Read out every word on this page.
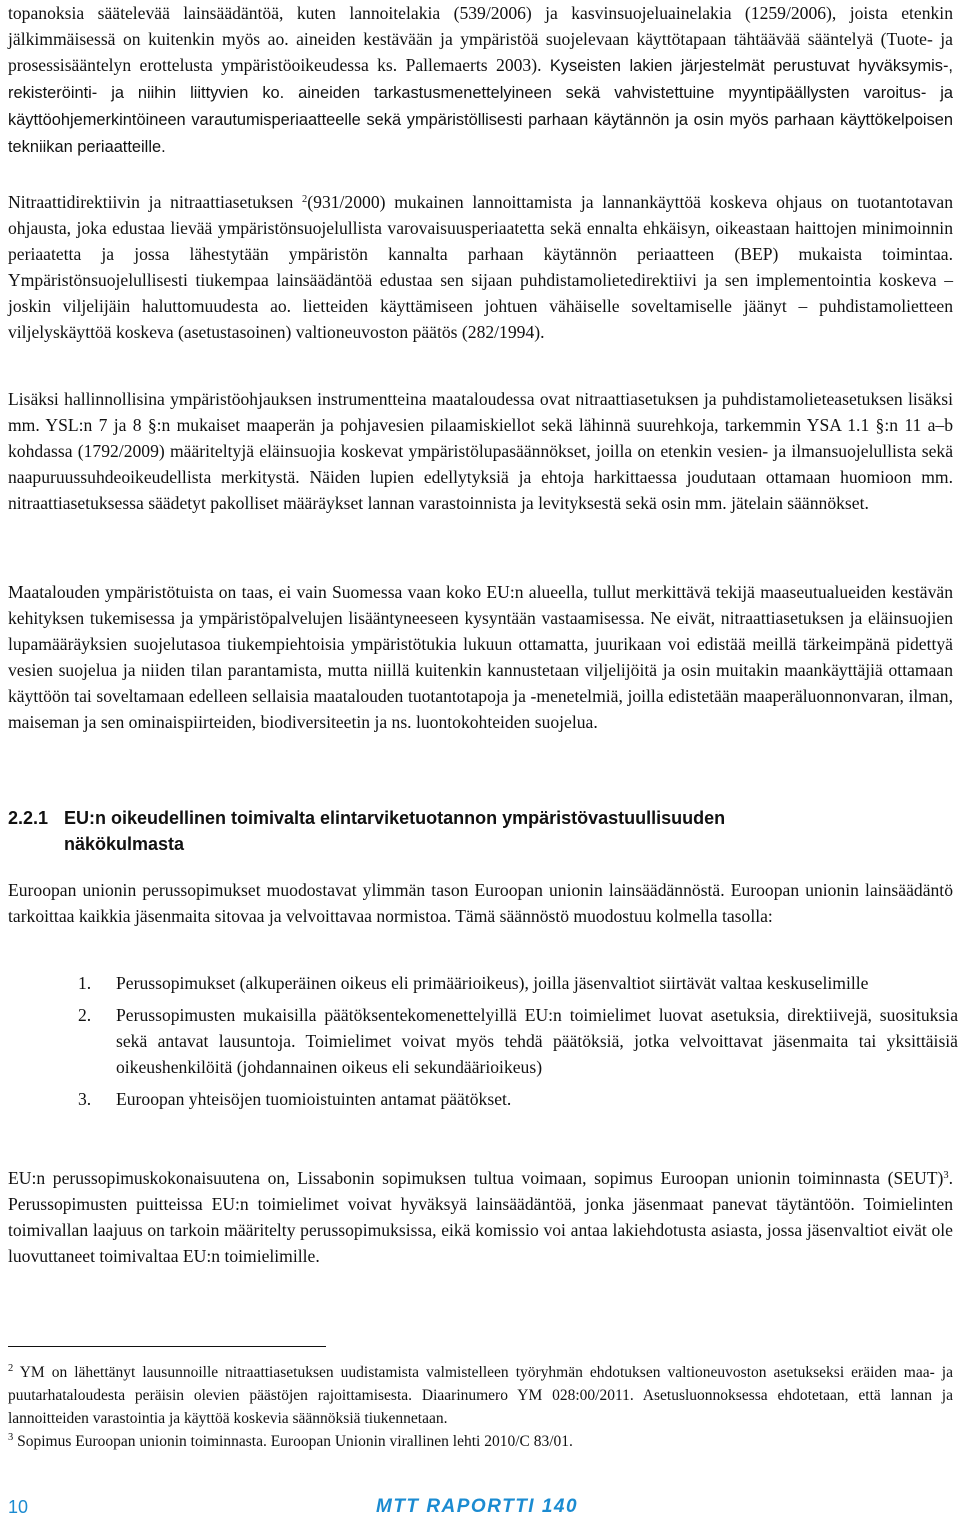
topanoksia säätelevää lainsäädäntöä, kuten lannoitelakia (539/2006) ja kasvinsuojeluainelakia (1259/2006), joista etenkin jälkimmäisessä on kuitenkin myös ao. aineiden kestävään ja ympäristöä suojelevaan käyttötapaan tähtäävää sääntelyä (Tuote- ja prosessisääntelyn erottelusta ympäristöoikeudessa ks. Pallemaerts 2003). Kyseisten lakien järjestelmät perustuvat hyväksymis-, rekisteröinti- ja niihin liittyvien ko. aineiden tarkastusmenettelyineen sekä vahvistettuine myyntipäällysten varoitus- ja käyttöohjemerkintöineen varautumisperiaatteelle sekä ympäristöllisesti parhaan käytännön ja osin myös parhaan käyttökelpoisen tekniikan periaatteille.

Nitraattidirektiivin ja nitraattiasetuksen $^2$(931/2000) mukainen lannoittamista ja lannankäyttöä koskeva ohjaus on tuotantotavan ohjausta, joka edustaa lievää ympäristönsuojelullista varovaisuusperiaatetta sekä ennalta ehkäisyn, oikeastaan haittojen minimoinnin periaatetta ja jossa lähestytään ympäristön kannalta parhaan käytännön periaatteen (BEP) mukaista toimintaa. Ympäristönsuojelullisesti tiukempaa lainsäädäntöä edustaa sen sijaan puhdistamolietedirektiivi ja sen implementointia koskeva – joskin viljelijäin haluttomuudesta ao. lietteiden käyttämiseen johtuen vähäiselle soveltamiselle jäänyt – puhdistamolietteen viljelyskäyttöä koskeva (asetustasoinen) valtioneuvoston päätös (282/1994).

Lisäksi hallinnollisina ympäristöohjauksen instrumentteina maataloudessa ovat nitraattiasetuksen ja puhdistamolieteasetuksen lisäksi mm. YSL:n 7 ja 8 §:n mukaiset maaperän ja pohjavesien pilaamiskiellot sekä lähinnä suurehkoja, tarkemmin YSA 1.1 §:n 11 a–b kohdassa (1792/2009) määriteltyjä eläinsuojia koskevat ympäristölupasäännökset, joilla on etenkin vesien- ja ilmansuojelullista sekä naapuruussuhdeoikeudellista merkitystä. Näiden lupien edellytyksiä ja ehtoja harkittaessa joudutaan ottamaan huomioon mm. nitraattiasetuksessa säädetyt pakolliset määräykset lannan varastoinnista ja levityksestä sekä osin mm. jätelain säännökset.

Maatalouden ympäristötuista on taas, ei vain Suomessa vaan koko EU:n alueella, tullut merkittävä tekijä maaseutualueiden kestävän kehityksen tukemisessa ja ympäristöpalvelujen lisääntyneeseen kysyntään vastaamisessa. Ne eivät, nitraattiasetuksen ja eläinsuojien lupamääräyksien suojelutasoa tiukempiehtoisia ympäristötukia lukuun ottamatta, juurikaan voi edistää meillä tärkeimpänä pidettyä vesien suojelua ja niiden tilan parantamista, mutta niillä kuitenkin kannustetaan viljelijöitä ja osin muitakin maankäyttäjiä ottamaan käyttöön tai soveltamaan edelleen sellaisia maatalouden tuotantotapoja ja -menetelmiä, joilla edistetään maaperäluonnonvaran, ilman, maiseman ja sen ominaispiirteiden, biodiversiteetin ja ns. luontokohteiden suojelua.

2.2.1 EU:n oikeudellinen toimivalta elintarviketuotannon ympäristövastuullisuuden
näkökulmasta

Euroopan unionin perussopimukset muodostavat ylimmän tason Euroopan unionin lainsäädännöstä. Euroopan unionin lainsäädäntö tarkoittaa kaikkia jäsenmaita sitovaa ja velvoittavaa normistoa. Tämä säännöstö muodostuu kolmella tasolla:

1. Perussopimukset (alkuperäinen oikeus eli primäärioikeus), joilla jäsenvaltiot siirtävät valtaa keskuselimille
2. Perussopimusten mukaisilla päätöksentekomenettelyillä EU:n toimielimet luovat asetuksia, direktiivejä, suosituksia sekä antavat lausuntoja. Toimielimet voivat myös tehdä päätöksiä, jotka velvoittavat jäsenmaita tai yksittäisiä oikeushenkilöitä (johdannainen oikeus eli sekundäärioikeus)
3. Euroopan yhteisöjen tuomioistuinten antamat päätökset.

EU:n perussopimuskokonaisuutena on, Lissabonin sopimuksen tultua voimaan, sopimus Euroopan unionin toiminnasta (SEUT)$^3$. Perussopimusten puitteissa EU:n toimielimet voivat hyväksyä lainsäädäntöä, jonka jäsenmaat panevat täytäntöön. Toimielinten toimivallan laajuus on tarkoin määritelty perussopimuksissa, eikä komissio voi antaa lakiehdotusta asiasta, jossa jäsenvaltiot eivät ole luovuttaneet toimivaltaa EU:n toimielimille.

$^2$ YM on lähettänyt lausunnoille nitraattiasetuksen uudistamista valmistelleen työryhmän ehdotuksen valtioneuvoston asetukseksi eräiden maa- ja puutarhataloudesta peräisin olevien päästöjen rajoittamisesta. Diaarinumero YM 028:00/2011. Asetusluonnoksessa ehdotetaan, että lannan ja lannoitteiden varastointia ja käyttöä koskevia säännöksiä tiukennetaan.

$^3$ Sopimus Euroopan unionin toiminnasta. Euroopan Unionin virallinen lehti 2010/C 83/01.

10	MTT RAPORTTI 140
